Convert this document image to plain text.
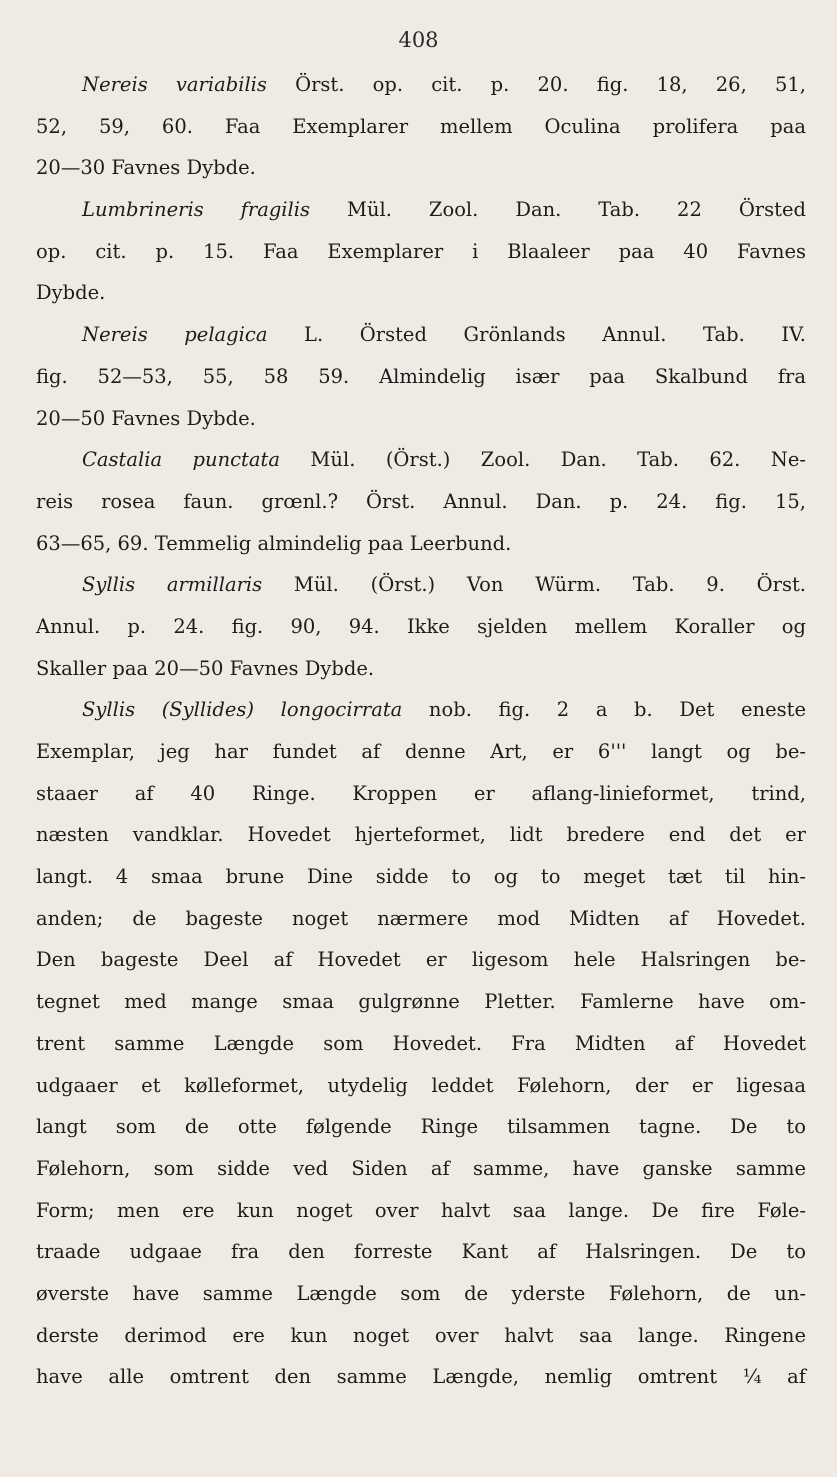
408
Nereis variabilis Örst. op. cit. p. 20. fig. 18, 26, 51,
52, 59, 60. Faa Exemplarer mellem Oculina prolifera paa
20—30 Favnes Dybde.
Lumbrineris fragilis Mül. Zool. Dan. Tab. 22 Örsted
op. cit. p. 15. Faa Exemplarer i Blaaleer paa 40 Favnes
Dybde.
Nereis pelagica L. Örsted Grönlands Annul. Tab. IV.
fig. 52—53, 55, 58 59. Almindelig især paa Skalbund fra
20—50 Favnes Dybde.
Castalia punctata Mül. (Örst.) Zool. Dan. Tab. 62. Ne-
reis rosea faun. grœnl.? Örst. Annul. Dan. p. 24. fig. 15,
63—65, 69. Temmelig almindelig paa Leerbund.
Syllis armillaris Mül. (Örst.) Von Würm. Tab. 9. Örst.
Annul. p. 24. fig. 90, 94. Ikke sjelden mellem Koraller og
Skaller paa 20—50 Favnes Dybde.
Syllis (Syllides) longocirrata nob. fig. 2 a b. Det eneste
Exemplar, jeg har fundet af denne Art, er 6''' langt og be-
staaer af 40 Ringe. Kroppen er aflang-linieformet, trind,
næsten vandklar. Hovedet hjerteformet, lidt bredere end det er
langt. 4 smaa brune Dine sidde to og to meget tæt til hin-
anden; de bageste noget nærmere mod Midten af Hovedet.
Den bageste Deel af Hovedet er ligesom hele Halsringen be-
tegnet med mange smaa gulgrønne Pletter. Famlerne have om-
trent samme Længde som Hovedet. Fra Midten af Hovedet
udgaaer et kølleformet, utydelig leddet Følehorn, der er ligesaa
langt som de otte følgende Ringe tilsammen tagne. De to
Følehorn, som sidde ved Siden af samme, have ganske samme
Form; men ere kun noget over halvt saa lange. De fire Føle-
traade udgaae fra den forreste Kant af Halsringen. De to
øverste have samme Længde som de yderste Følehorn, de un-
derste derimod ere kun noget over halvt saa lange. Ringene
have alle omtrent den samme Længde, nemlig omtrent ¼ af
